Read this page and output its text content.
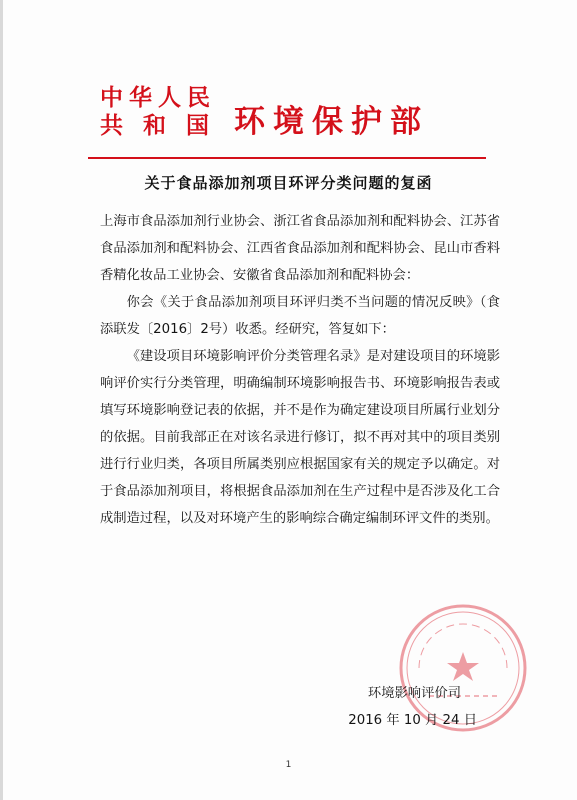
中华人民
共 和 国 环境保护部
关于食品添加剂项目环评分类问题的复函

上海市食品添加剂行业协会、浙江省食品添加剂和配料协会、江苏省食品添加剂和配料协会、江西省食品添加剂和配料协会、昆山市香料香精化妆品工业协会、安徽省食品添加剂和配料协会：

你会《关于食品添加剂项目环评归类不当问题的情况反映》（食添联发〔2016〕2号）收悉。经研究，答复如下：

《建设项目环境影响评价分类管理名录》是对建设项目的环境影响评价实行分类管理，明确编制环境影响报告书、环境影响报告表或填写环境影响登记表的依据，并不是作为确定建设项目所属行业划分的依据。目前我部正在对该名录进行修订，拟不再对其中的项目类别进行行业归类，各项目所属类别应根据国家有关的规定予以确定。对于食品添加剂项目，将根据食品添加剂在生产过程中是否涉及化工合成制造过程，以及对环境产生的影响综合确定编制环评文件的类别。

环境影响评价司
2016 年 10 月 24 日
1
